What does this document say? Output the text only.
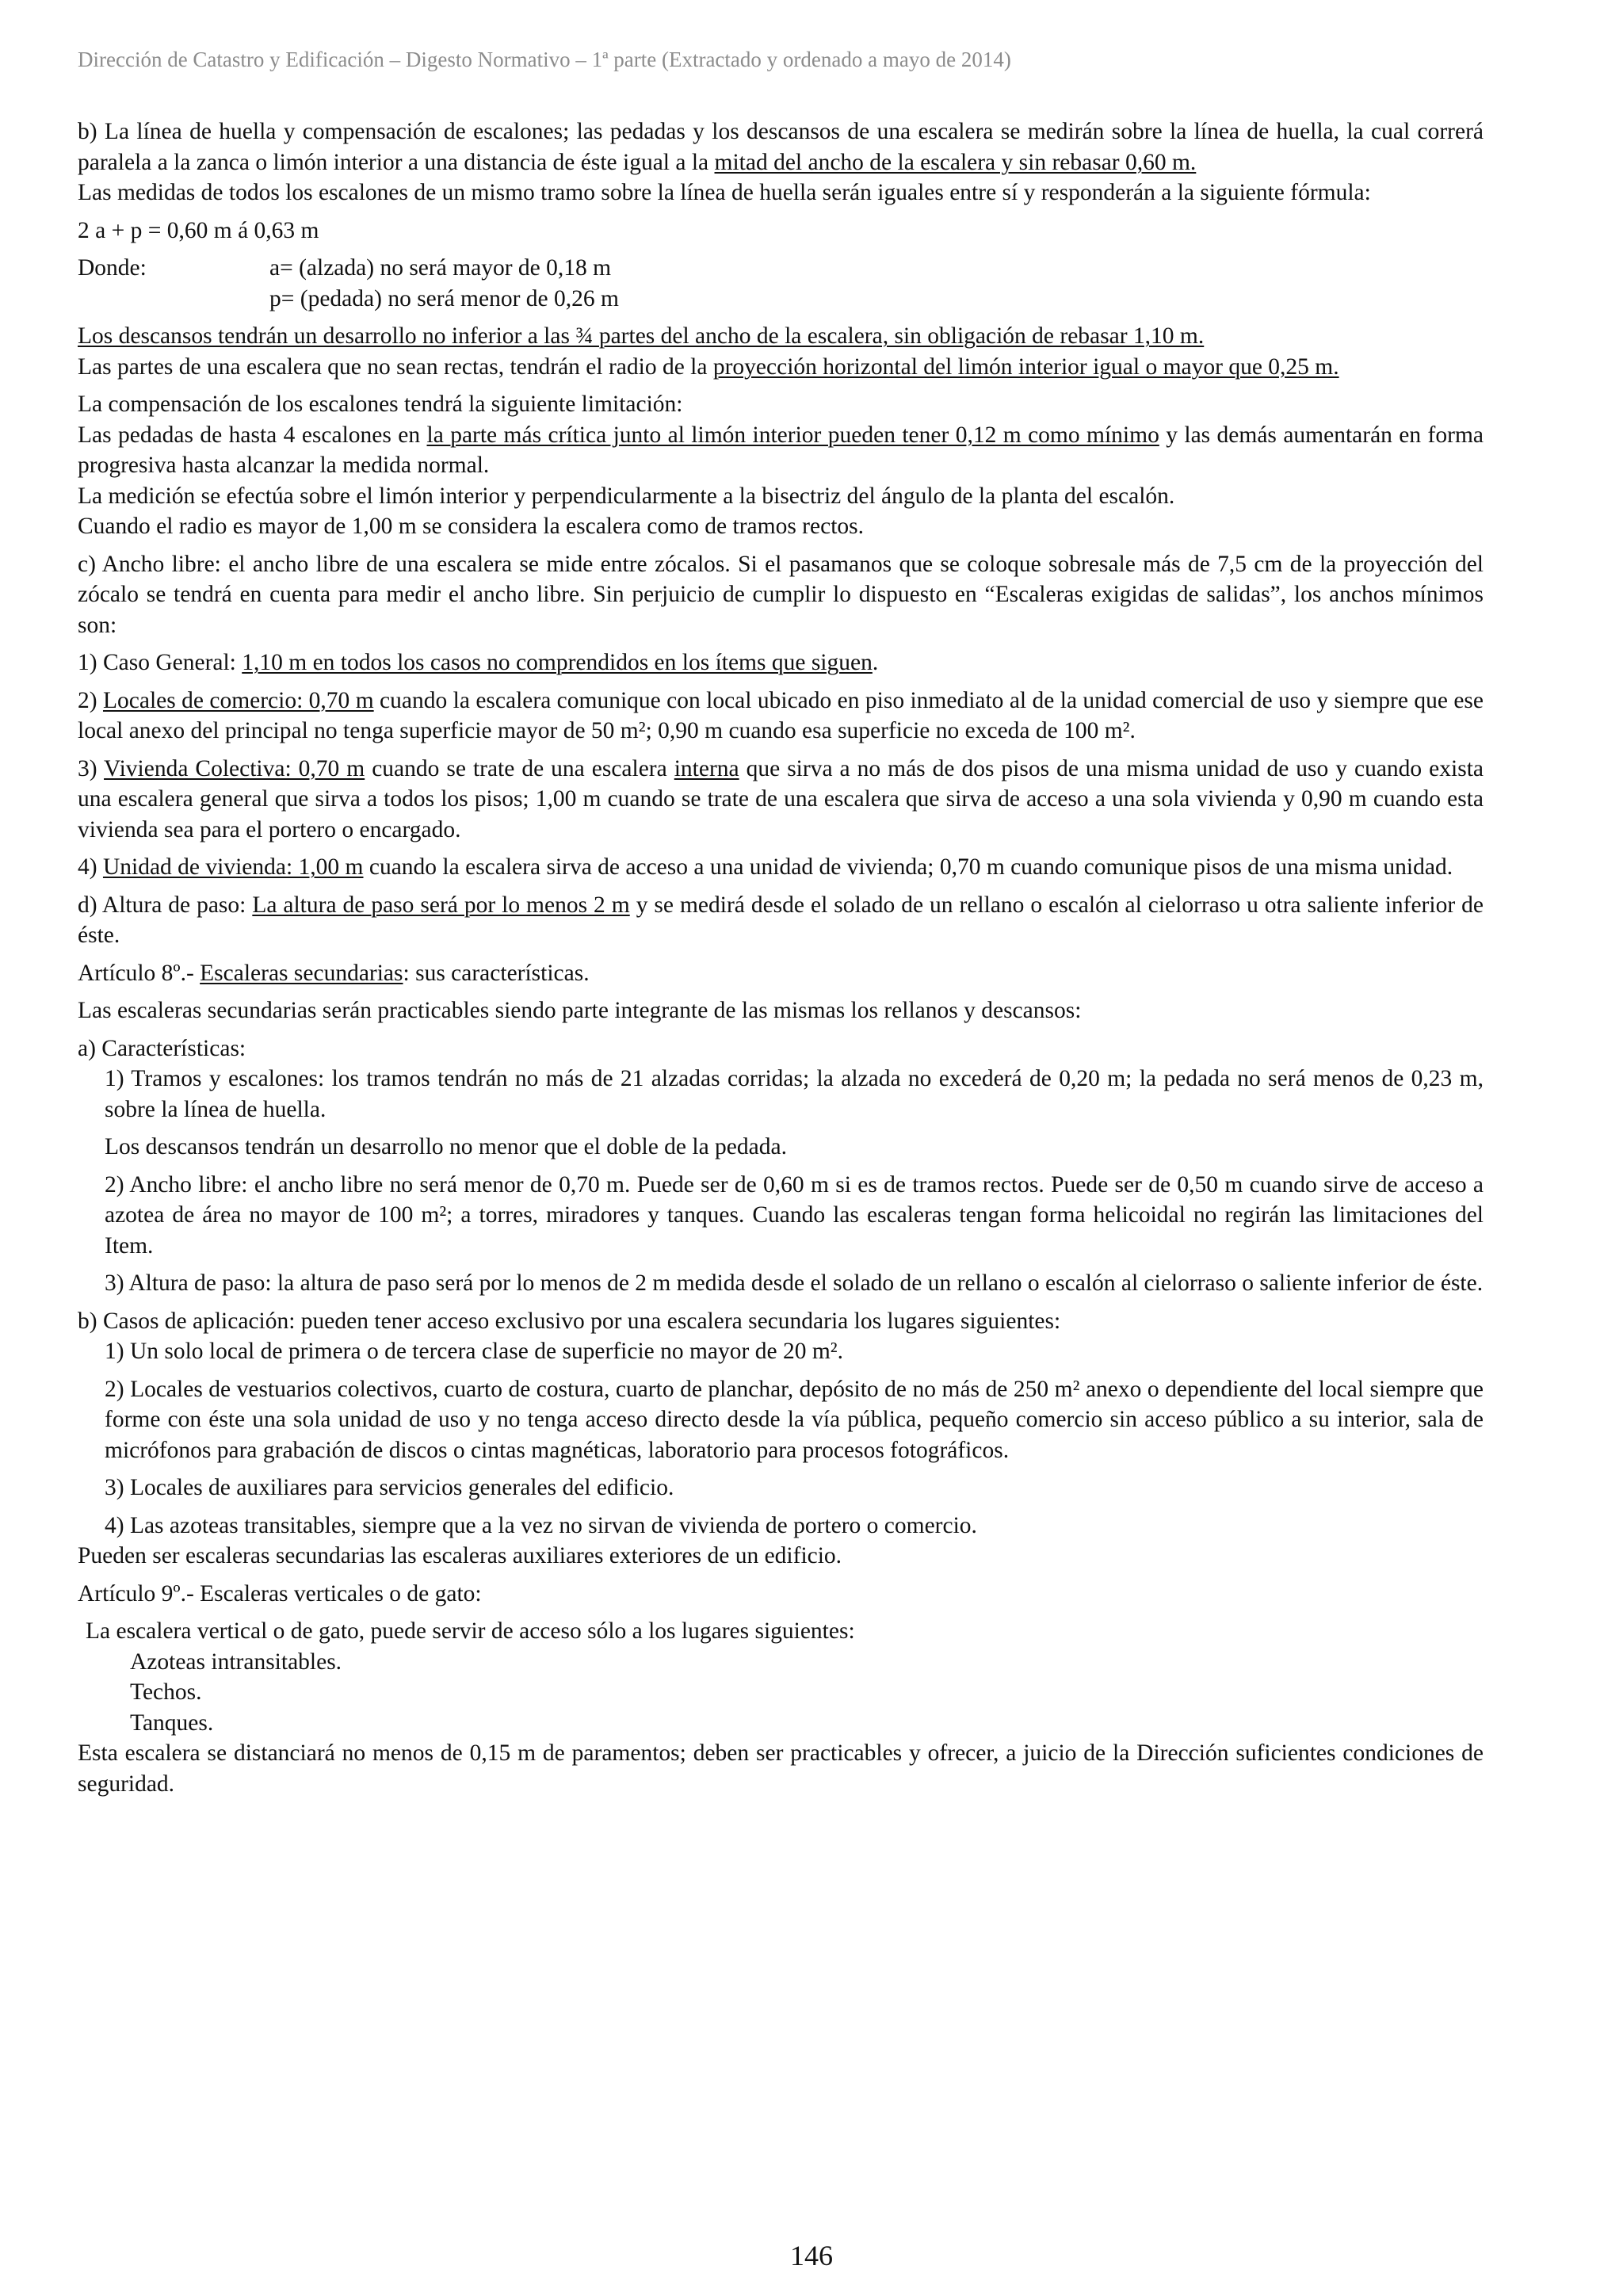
Dirección de Catastro y Edificación – Digesto Normativo – 1ª parte (Extractado y ordenado a mayo de 2014)

b) La línea de huella y compensación de escalones; las pedadas y los descansos de una escalera se medirán sobre la línea de huella, la cual correrá paralela a la zanca o limón interior a una distancia de éste igual a la mitad del ancho de la escalera y sin rebasar 0,60 m.

Las medidas de todos los escalones de un mismo tramo sobre la línea de huella serán iguales entre sí y responderán a la siguiente fórmula:

2 a + p = 0,60 m á 0,63 m

Donde:	a= (alzada) no será mayor de 0,18 m
p= (pedada) no será menor de 0,26 m

Los descansos tendrán un desarrollo no inferior a las ¾ partes del ancho de la escalera, sin obligación de rebasar 1,10 m.

Las partes de una escalera que no sean rectas, tendrán el radio de la proyección horizontal del limón interior igual o mayor que 0,25 m.

La compensación de los escalones tendrá la siguiente limitación:

Las pedadas de hasta 4 escalones en la parte más crítica junto al limón interior pueden tener 0,12 m como mínimo y las demás aumentarán en forma progresiva hasta alcanzar la medida normal.

La medición se efectúa sobre el limón interior y perpendicularmente a la bisectriz del ángulo de la planta del escalón.

Cuando el radio es mayor de 1,00 m se considera la escalera como de tramos rectos.

c) Ancho libre: el ancho libre de una escalera se mide entre zócalos. Si el pasamanos que se coloque sobresale más de 7,5 cm de la proyección del zócalo se tendrá en cuenta para medir el ancho libre. Sin perjuicio de cumplir lo dispuesto en “Escaleras exigidas de salidas”, los anchos mínimos son:

1) Caso General: 1,10 m en todos los casos no comprendidos en los ítems que siguen.

2) Locales de comercio: 0,70 m cuando la escalera comunique con local ubicado en piso inmediato al de la unidad comercial de uso y siempre que ese local anexo del principal no tenga superficie mayor de 50 m²; 0,90 m cuando esa superficie no exceda de 100 m².

3) Vivienda Colectiva: 0,70 m cuando se trate de una escalera interna que sirva a no más de dos pisos de una misma unidad de uso y cuando exista una escalera general que sirva a todos los pisos; 1,00 m cuando se trate de una escalera que sirva de acceso a una sola vivienda y 0,90 m cuando esta vivienda sea para el portero o encargado.

4) Unidad de vivienda: 1,00 m cuando la escalera sirva de acceso a una unidad de vivienda; 0,70 m cuando comunique pisos de una misma unidad.

d) Altura de paso: La altura de paso será por lo menos 2 m y se medirá desde el solado de un rellano o escalón al cielorraso u otra saliente inferior de éste.

Artículo 8º.- Escaleras secundarias: sus características.

Las escaleras secundarias serán practicables siendo parte integrante de las mismas los rellanos y descansos:

a) Características:

1) Tramos y escalones: los tramos tendrán no más de 21 alzadas corridas; la alzada no excederá de 0,20 m; la pedada no será menos de 0,23 m, sobre la línea de huella.

Los descansos tendrán un desarrollo no menor que el doble de la pedada.

2) Ancho libre: el ancho libre no será menor de 0,70 m. Puede ser de 0,60 m si es de tramos rectos. Puede ser de 0,50 m cuando sirve de acceso a azotea de área no mayor de 100 m²; a torres, miradores y tanques. Cuando las escaleras tengan forma helicoidal no regirán las limitaciones del Item.

3) Altura de paso: la altura de paso será por lo menos de 2 m medida desde el solado de un rellano o escalón al cielorraso o saliente inferior de éste.

b) Casos de aplicación: pueden tener acceso exclusivo por una escalera secundaria los lugares siguientes:

1) Un solo local de primera o de tercera clase de superficie no mayor de 20 m².

2) Locales de vestuarios colectivos, cuarto de costura, cuarto de planchar, depósito de no más de 250 m² anexo o dependiente del local siempre que forme con éste una sola unidad de uso y no tenga acceso directo desde la vía pública, pequeño comercio sin acceso público a su interior, sala de micrófonos para grabación de discos o cintas magnéticas, laboratorio para procesos fotográficos.

3) Locales de auxiliares para servicios generales del edificio.

4) Las azoteas transitables, siempre que a la vez no sirvan de vivienda de portero o comercio.

Pueden ser escaleras secundarias las escaleras auxiliares exteriores de un edificio.

Artículo 9º.- Escaleras verticales o de gato:

La escalera vertical o de gato, puede servir de acceso sólo a los lugares siguientes:

Azoteas intransitables.

Techos.

Tanques.

Esta escalera se distanciará no menos de 0,15 m de paramentos; deben ser practicables y ofrecer, a juicio de la Dirección suficientes condiciones de seguridad.

146
